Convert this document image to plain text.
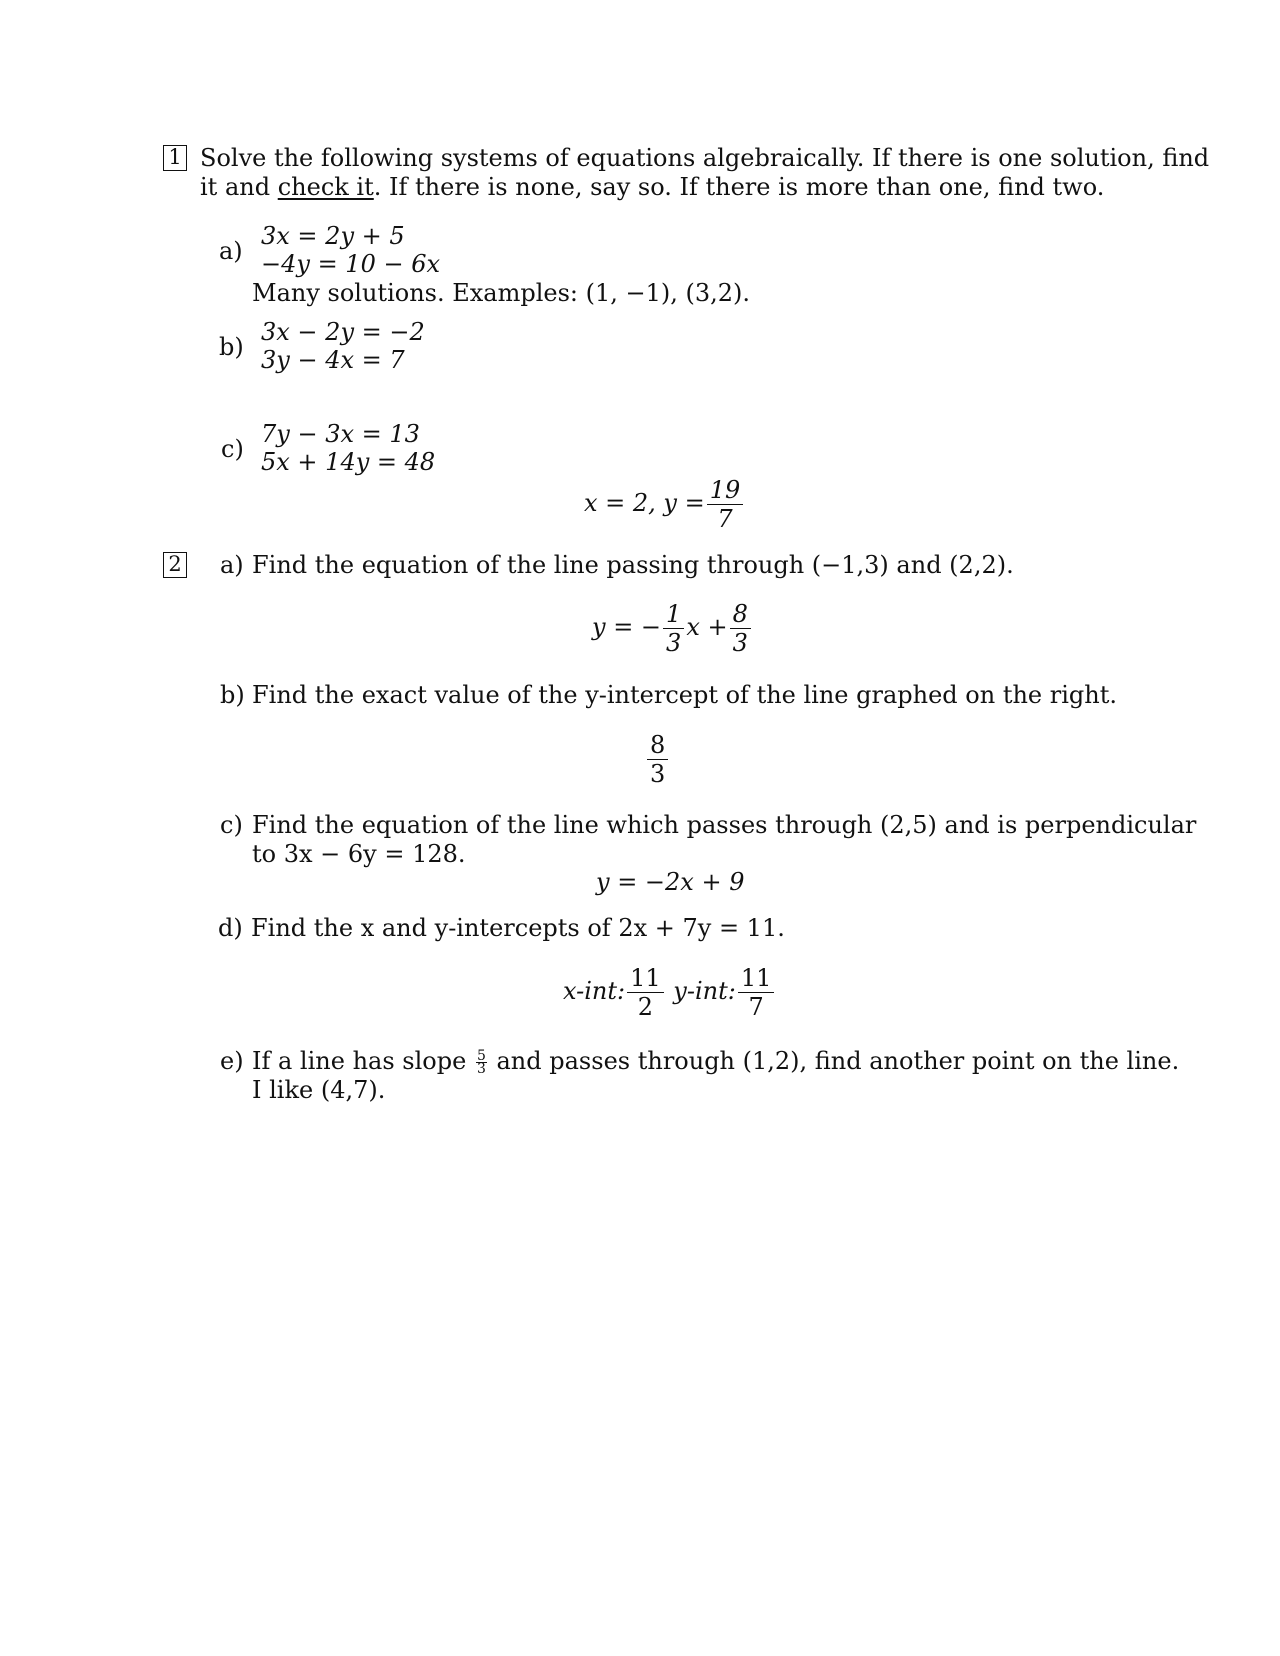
1 Solve the following systems of equations algebraically. If there is one solution, find
it and check it. If there is none, say so. If there is more than one, find two.
a)
3x = 2y + 5
−4y = 10 − 6x
Many solutions. Examples: (1, −1), (3,2).
b)
3x − 2y = −2
3y − 4x = 7
c)
7y − 3x = 13
5x + 14y = 48
x = 2, $y = \frac{19}{7}$
2 a) Find the equation of the line passing through (−1,3) and (2,2).
y = − $\frac{1}{3}$ $x + \frac{8}{3}$
b) Find the exact value of the y-intercept of the line graphed on the right.
$\frac{8}{3}$
c) Find the equation of the line which passes through (2,5) and is perpendicular
to 3x − 6y = 128.
y = −2x + 9
d) Find the x and y-intercepts of 2x + 7y = 11.
x-int: $\frac{11}{2} y-int$: $\frac{11}{7}$
e) If a line has slope $\frac{5}{3}$ and passes through (1,2), find another point on the line.
I like (4,7).
